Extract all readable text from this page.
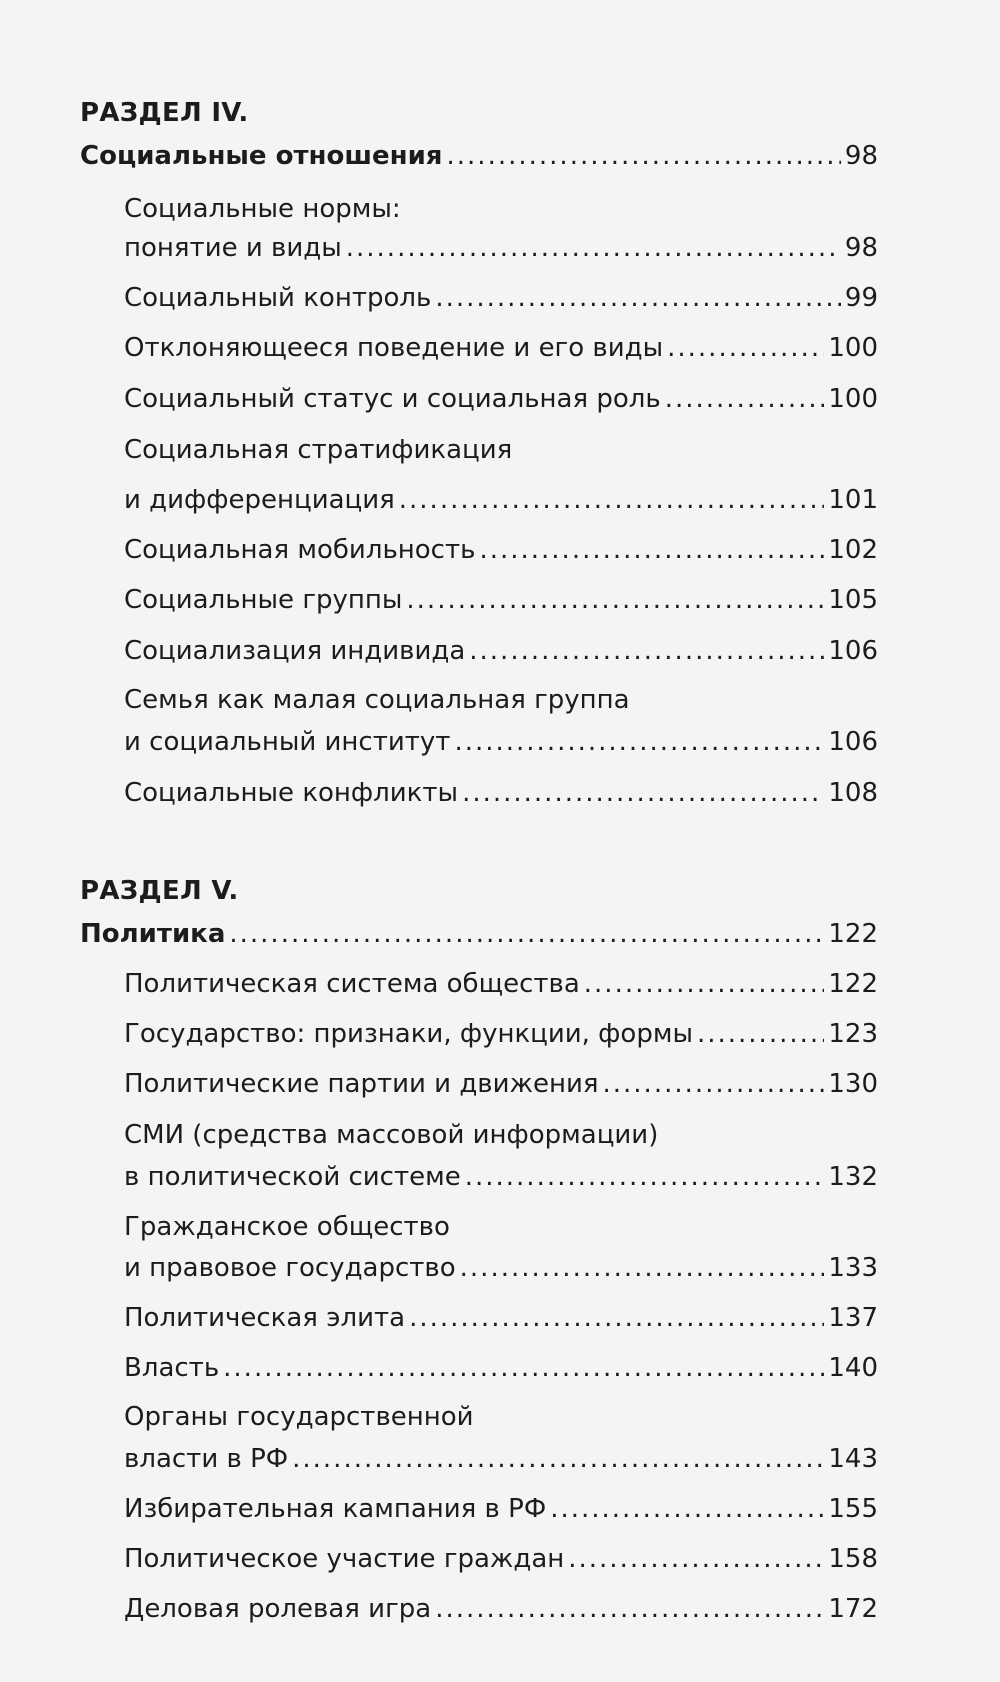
РАЗДЕЛ IV.
Социальные отношения .....	98
Социальные нормы:
понятие и виды .....	98
Социальный контроль .....	99
Отклоняющееся поведение и его виды .....	100
Социальный статус и социальная роль .....	100
Социальная стратификация
и дифференциация .....	101
Социальная мобильность .....	102
Социальные группы .....	105
Социализация индивида .....	106
Семья как малая социальная группа
и социальный институт .....	106
Социальные конфликты .....	108
РАЗДЕЛ V.
Политика .....	122
Политическая система общества .....	122
Государство: признаки, функции, формы .....	123
Политические партии и движения .....	130
СМИ (средства массовой информации)
в политической системе .....	132
Гражданское общество
и правовое государство .....	133
Политическая элита .....	137
Власть .....	140
Органы государственной
власти в РФ .....	143
Избирательная кампания в РФ .....	155
Политическое участие граждан .....	158
Деловая ролевая игра .....	172
